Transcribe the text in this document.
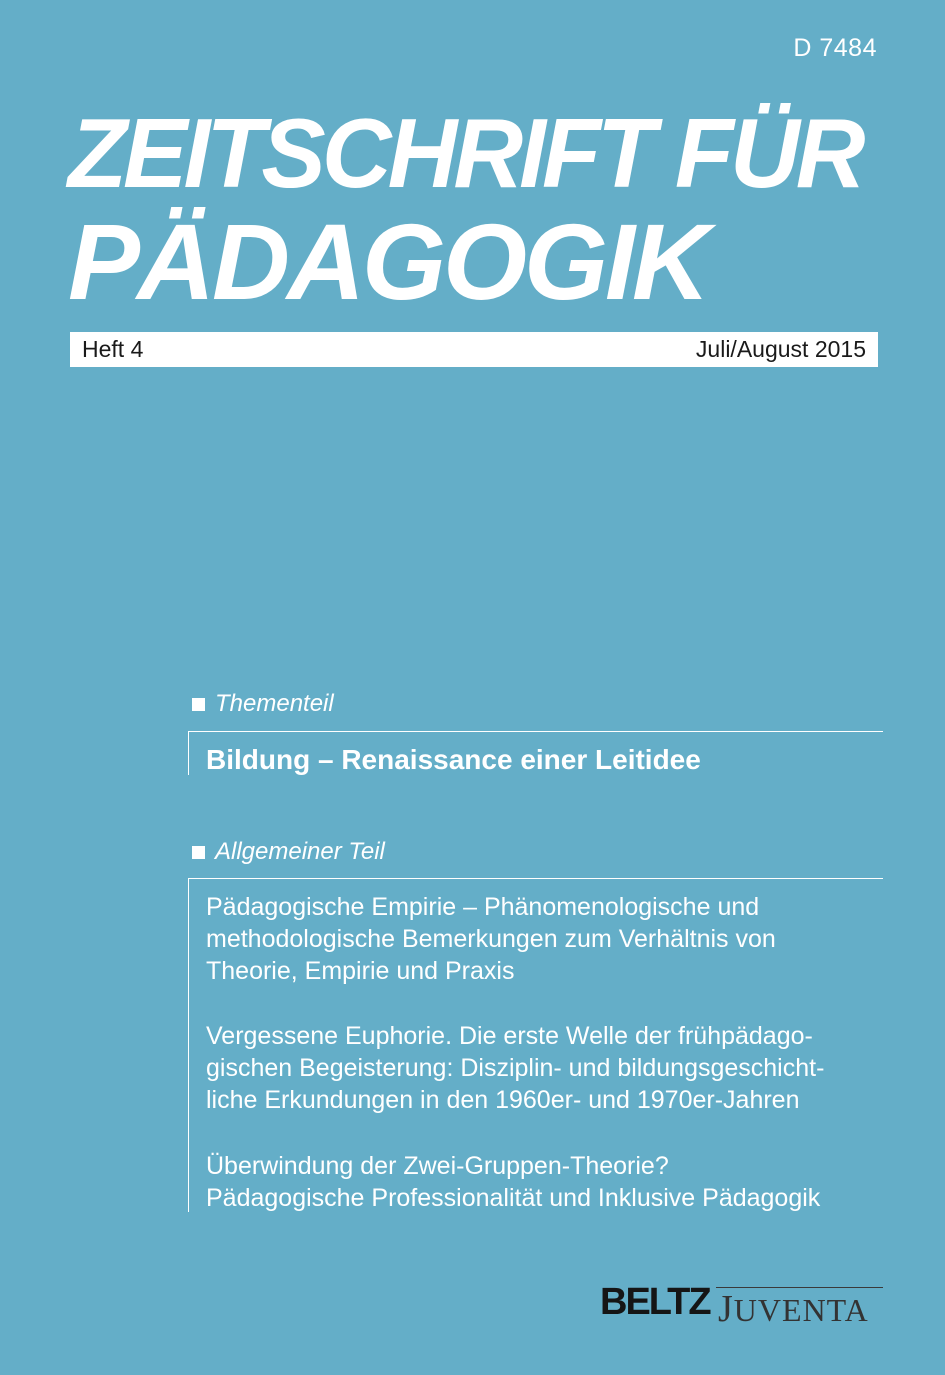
D 7484
ZEITSCHRIFT FÜR
PÄDAGOGIK
Heft 4	Juli/August 2015
Thementeil
Bildung – Renaissance einer Leitidee
Allgemeiner Teil
Pädagogische Empirie – Phänomenologische und
methodologische Bemerkungen zum Verhältnis von
Theorie, Empirie und Praxis
Vergessene Euphorie. Die erste Welle der frühpädago-
gischen Begeisterung: Disziplin- und bildungsgeschicht-
liche Erkundungen in den 1960er- und 1970er-Jahren
Überwindung der Zwei-Gruppen-Theorie?
Pädagogische Professionalität und Inklusive Pädagogik
BELTZ JUVENTA
